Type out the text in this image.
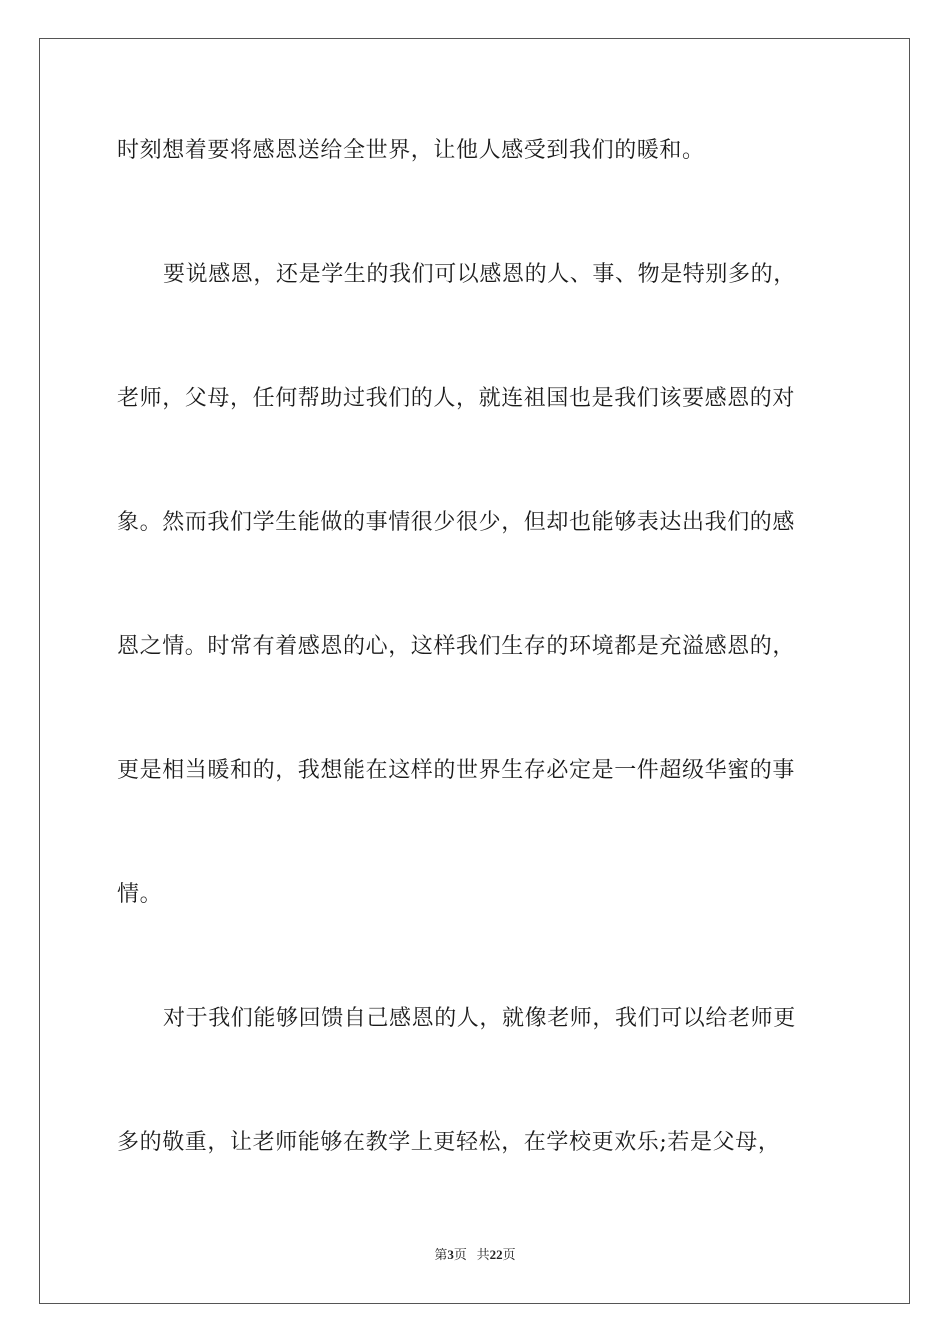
时刻想着要将感恩送给全世界，让他人感受到我们的暖和。
要说感恩，还是学生的我们可以感恩的人、事、物是特别多的，
老师，父母，任何帮助过我们的人，就连祖国也是我们该要感恩的对
象。然而我们学生能做的事情很少很少，但却也能够表达出我们的感
恩之情。时常有着感恩的心，这样我们生存的环境都是充溢感恩的，
更是相当暖和的，我想能在这样的世界生存必定是一件超级华蜜的事
情。
对于我们能够回馈自己感恩的人，就像老师，我们可以给老师更
多的敬重，让老师能够在教学上更轻松，在学校更欢乐;若是父母，
第3页 共22页
